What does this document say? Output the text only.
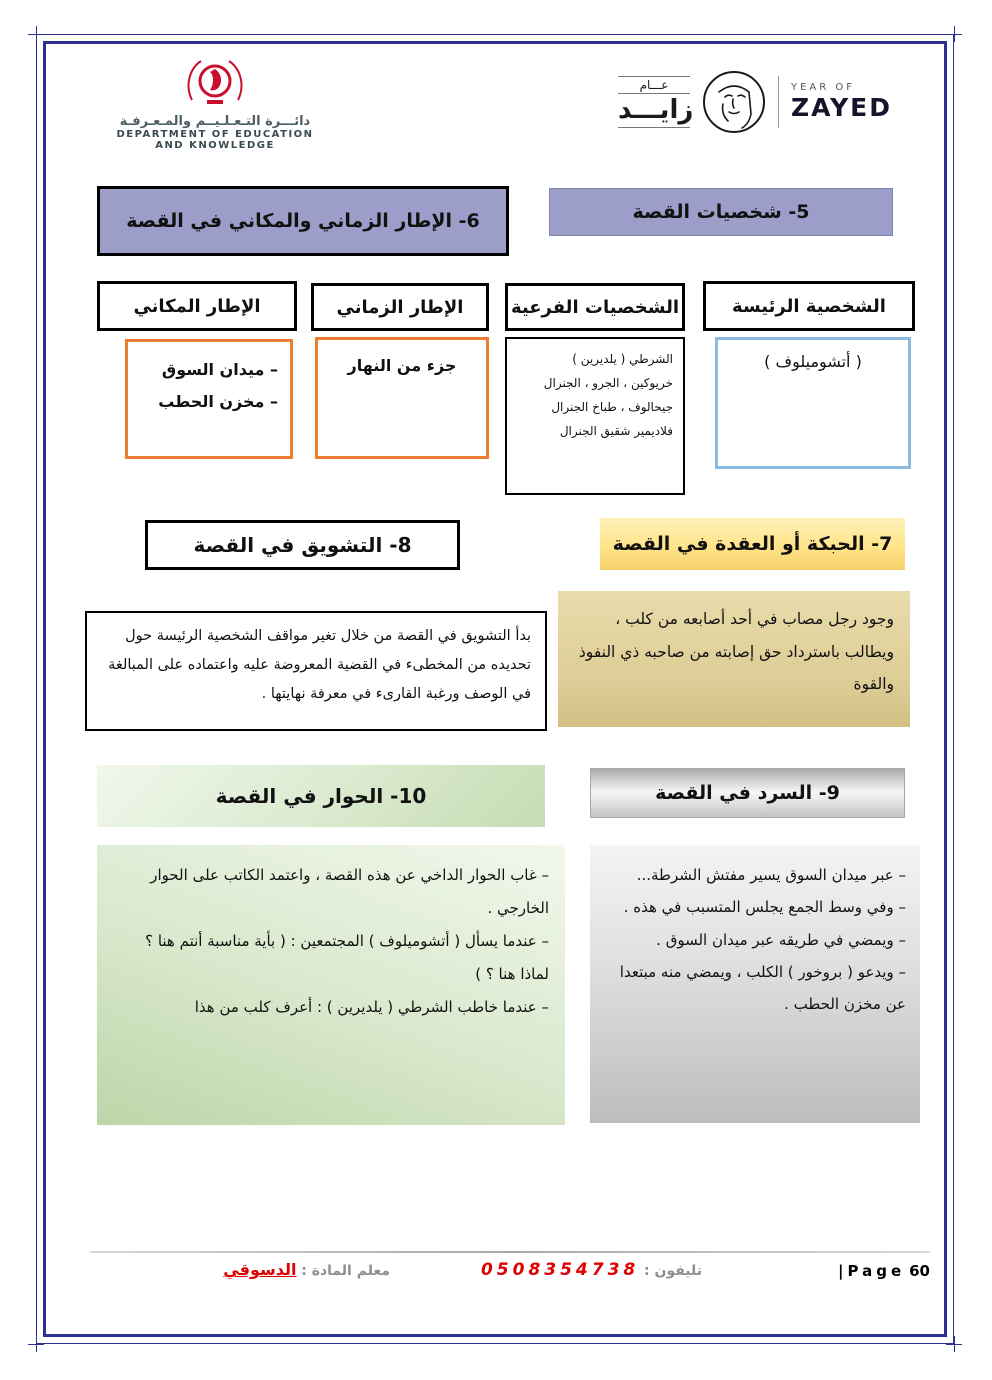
دائـــرة التـعـلـيــم والمـعـرفـة
DEPARTMENT OF EDUCATION
AND KNOWLEDGE
عـــام
زايـــد
YEAR OF
ZAYED
5- شخصيات القصة
6- الإطار الزماني والمكاني في القصة
الشخصية الرئيسة
الشخصيات الفرعية
الإطار الزماني
الإطار المكاني
( أتشوميلوف )
الشرطي ( يلديرين )
خريوكين ، الجرو ، الجنرال
جيحالوف ، طباخ الجنرال
فلاديمير شقيق الجنرال
جزء من النهار
– ميدان السوق
– مخزن الحطب
7- الحبكة أو العقدة في القصة
8- التشويق في القصة
وجود رجل مصاب في أحد أصابعه من كلب ، ويطالب باسترداد حق إصابته من صاحبه ذي النفوذ والقوة
بدأ التشويق في القصة من خلال تغير مواقف الشخصية الرئيسة حول تحديده من المخطىء في القضية المعروضة عليه واعتماده على المبالغة في الوصف ورغبة القارىء في معرفة نهايتها .
9- السرد في القصة
10- الحوار في القصة
– عبر ميدان السوق يسير مفتش الشرطة...
– وفي وسط الجمع يجلس المتسبب في هذه .
– ويمضي في طريقه عبر ميدان السوق .
– ويدعو ( بروخور ) الكلب ، ويمضي منه مبتعدا عن مخزن الحطب .
– غاب الحوار الداخي عن هذه القصة ، واعتمد الكاتب على الحوار الخارجي .
– عندما يسأل ( أتشوميلوف ) المجتمعين : ( بأية مناسبة أنتم هنا ؟ لماذا هنا ؟ )
– عندما خاطب الشرطي ( يلديرين ) : أعرف كلب من هذا
| Page 60
تليفون : 0508354738
معلم المادة : الدسوقي
